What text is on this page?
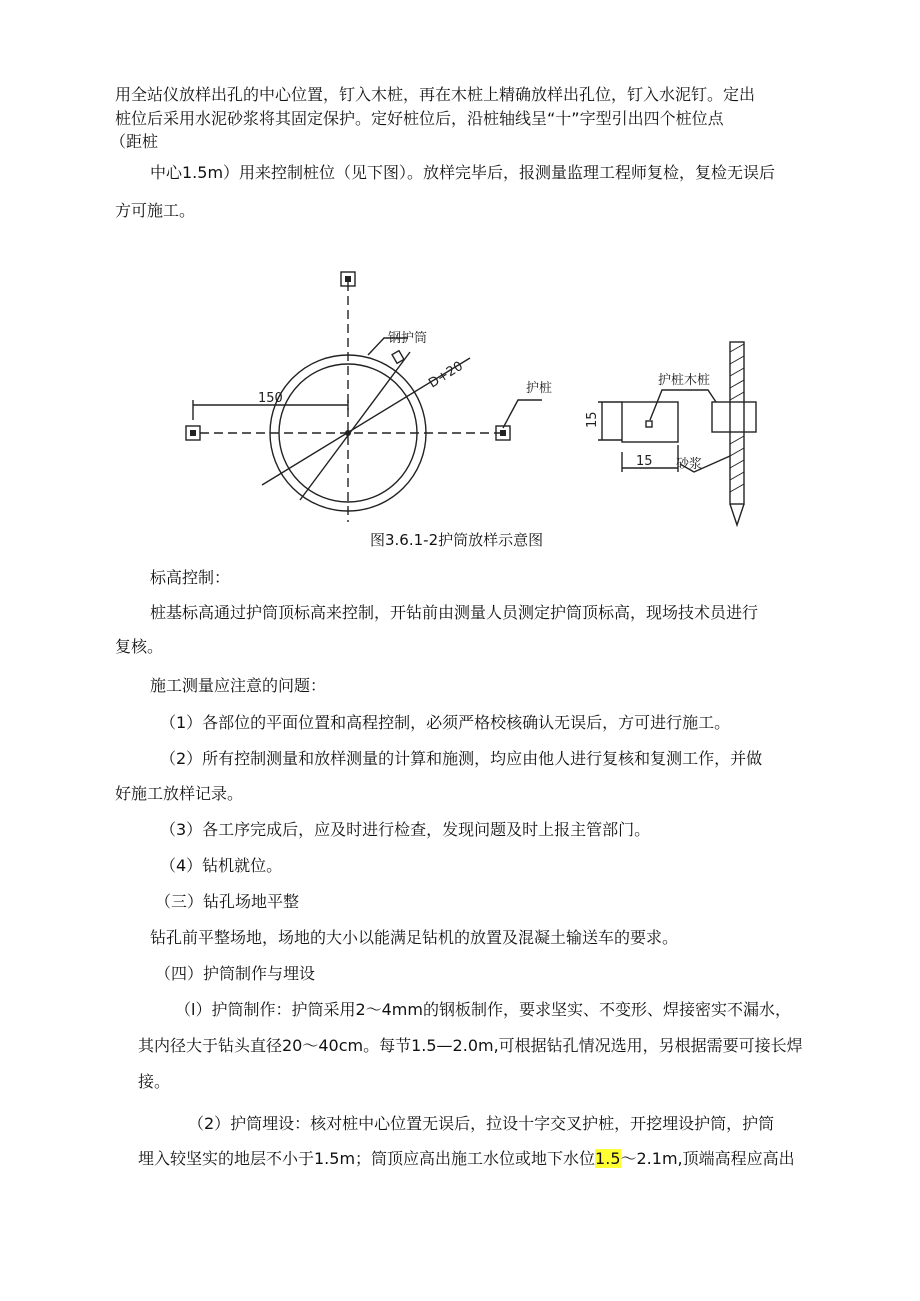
用全站仪放样出孔的中心位置，钉入木桩，再在木桩上精确放样出孔位，钉入水泥钉。定出
桩位后采用水泥砂浆将其固定保护。定好桩位后，沿桩轴线呈“十”字型引出四个桩位点
（距桩
中心1.5m）用来控制桩位（见下图）。放样完毕后，报测量监理工程师复检，复检无误后
方可施工。
钢护筒
D+20
150
护桩
护桩木桩
15
15 砂浆
图3.6.1-2护筒放样示意图
标高控制：
桩基标高通过护筒顶标高来控制，开钻前由测量人员测定护筒顶标高，现场技术员进行
复核。
施工测量应注意的问题：
（1）各部位的平面位置和高程控制，必须严格校核确认无误后，方可进行施工。
（2）所有控制测量和放样测量的计算和施测，均应由他人进行复核和复测工作，并做
好施工放样记录。
（3）各工序完成后，应及时进行检查，发现问题及时上报主管部门。
（4）钻机就位。
（三）钻孔场地平整
钻孔前平整场地，场地的大小以能满足钻机的放置及混凝土输送车的要求。
（四）护筒制作与埋设
（l）护筒制作：护筒采用2～4mm的钢板制作，要求坚实、不变形、焊接密实不漏水，
其内径大于钻头直径20～40cm。每节1.5—2.0m,可根据钻孔情况选用，另根据需要可接长焊
接。
（2）护筒埋设：核对桩中心位置无误后，拉设十字交叉护桩，开挖埋设护筒，护筒
埋入较坚实的地层不小于1.5m；筒顶应高出施工水位或地下水位1.5～2.1m,顶端高程应高出
